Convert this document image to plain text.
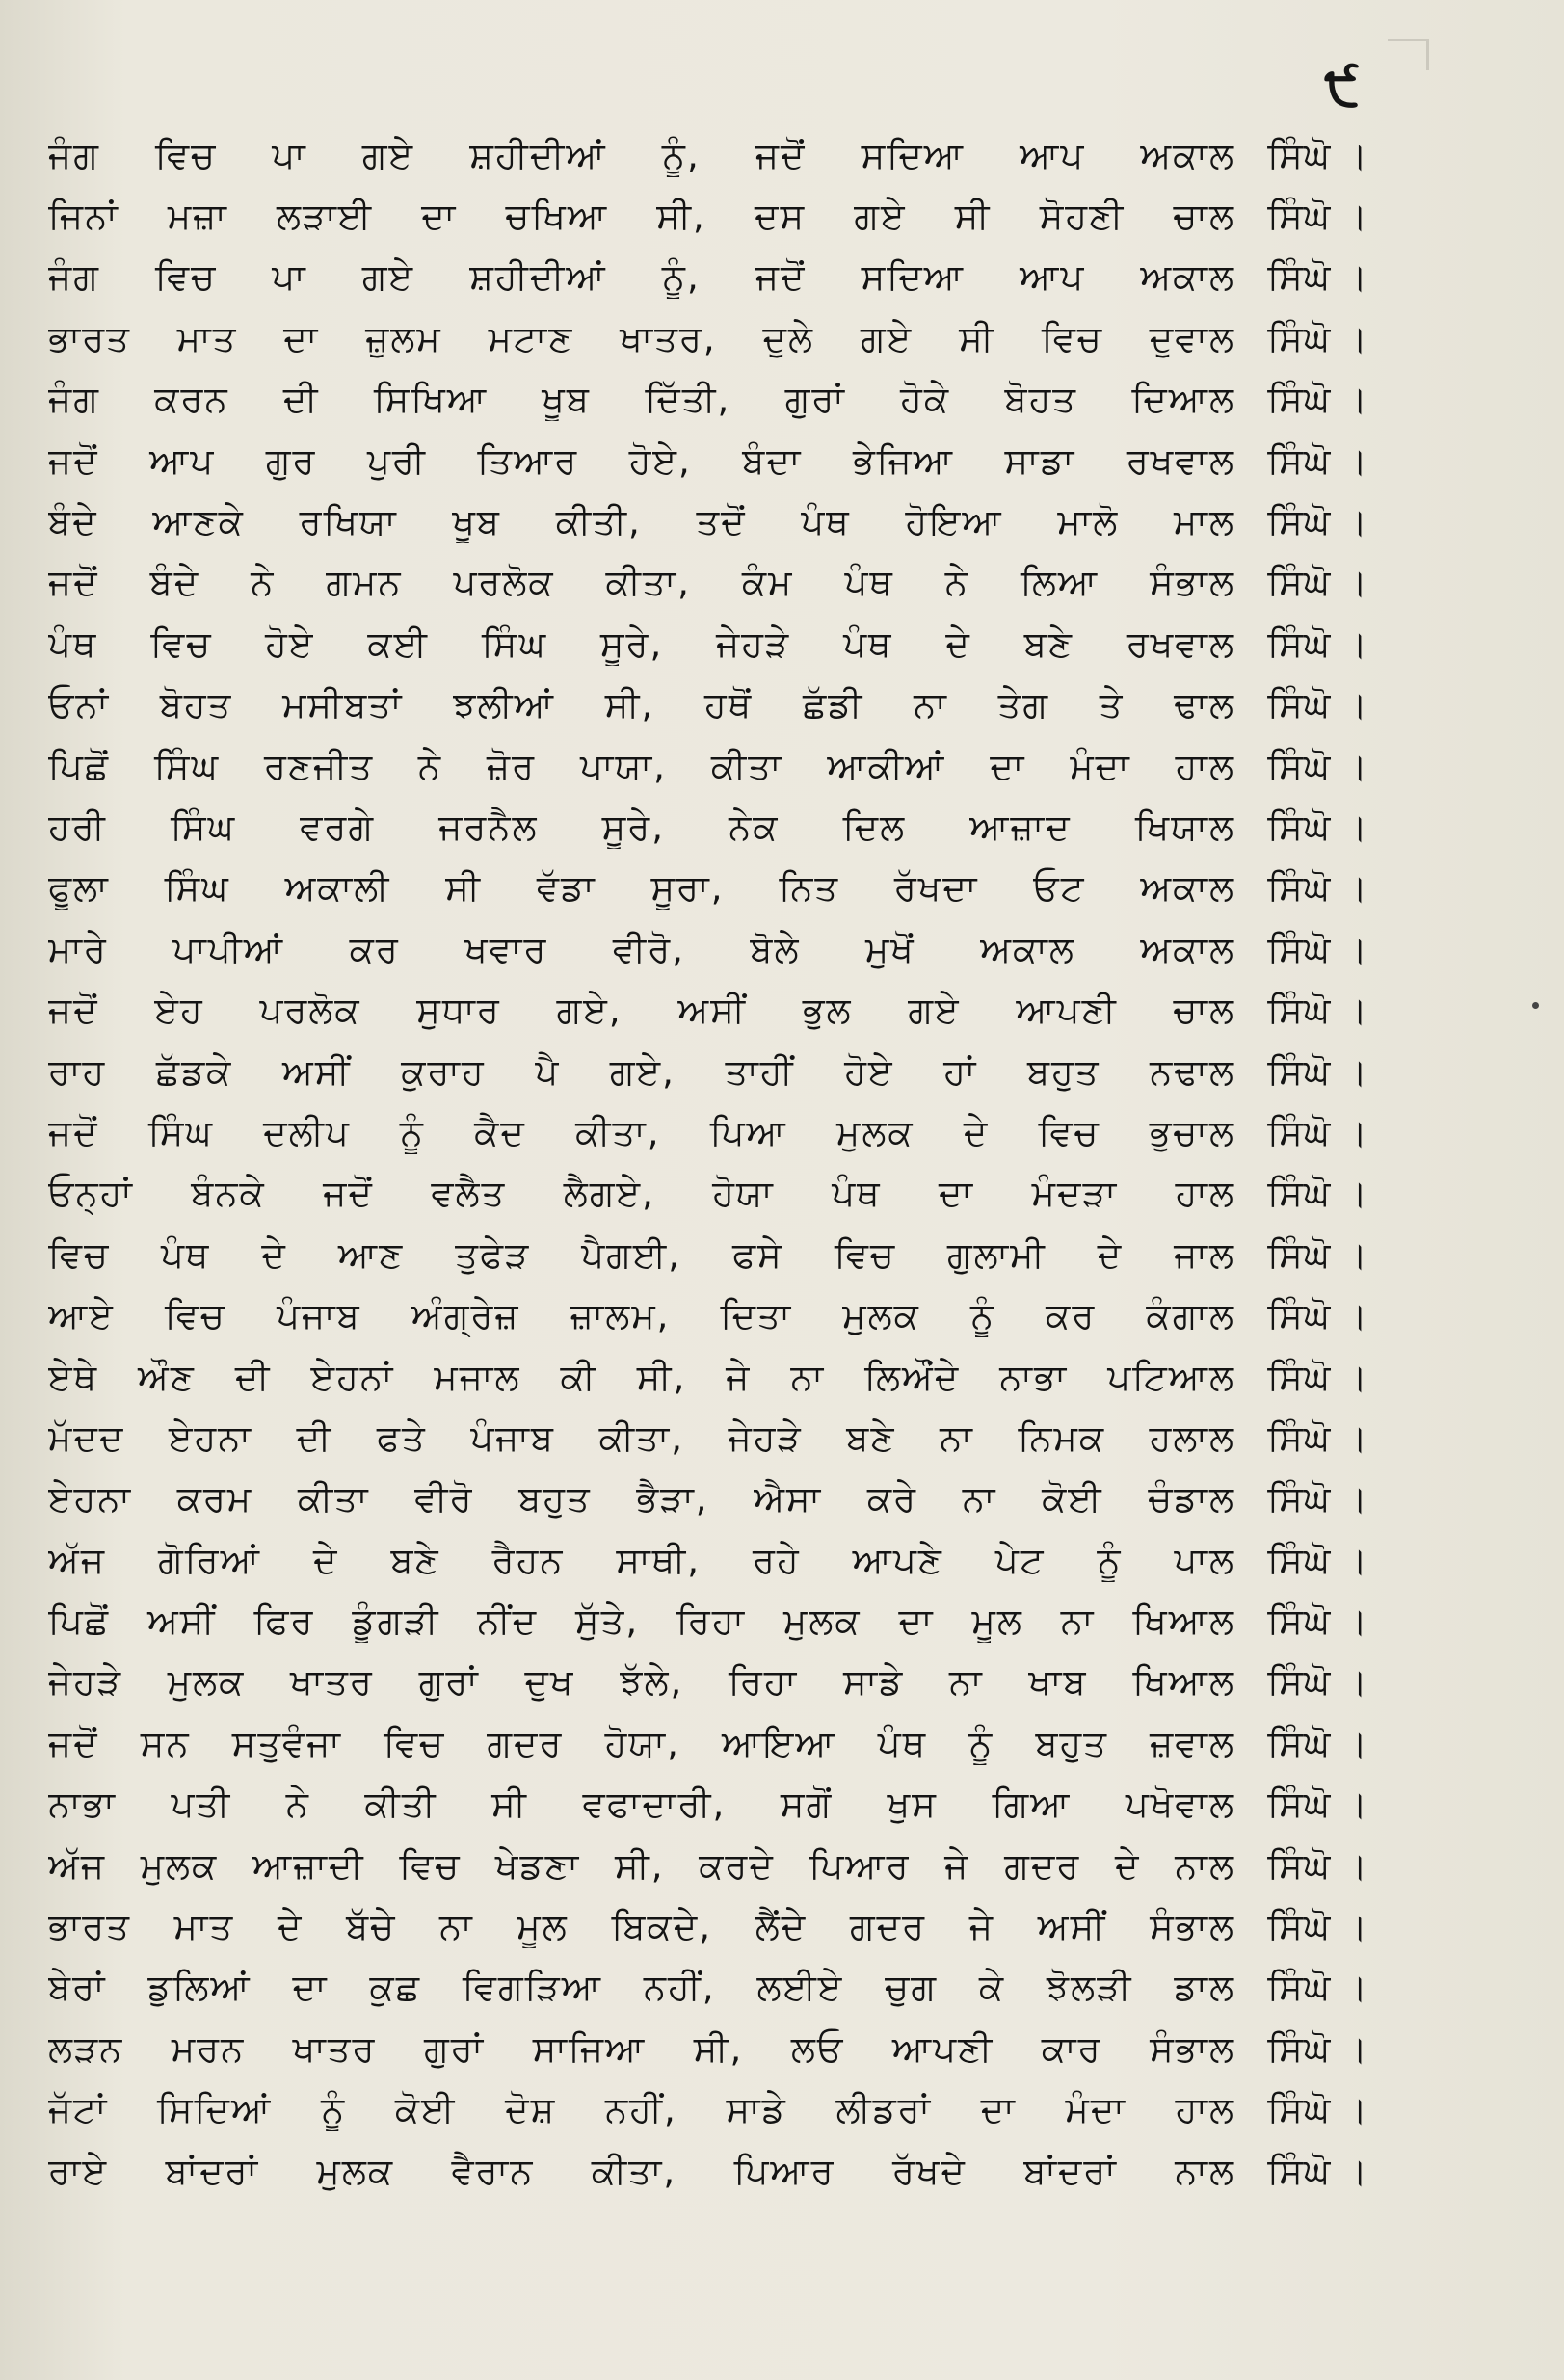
੯
ਜੰਗ ਵਿਚ ਪਾ ਗਏ ਸ਼ਹੀਦੀਆਂ ਨੂੰ, ਜਦੋਂ ਸਦਿਆ ਆਪ ਅਕਾਲ ਸਿੰਘੋ ।
ਜਿਨਾਂ ਮਜ਼ਾ ਲੜਾਈ ਦਾ ਚਖਿਆ ਸੀ, ਦਸ ਗਏ ਸੀ ਸੋਹਣੀ ਚਾਲ ਸਿੰਘੋ ।
ਜੰਗ ਵਿਚ ਪਾ ਗਏ ਸ਼ਹੀਦੀਆਂ ਨੂੰ, ਜਦੋਂ ਸਦਿਆ ਆਪ ਅਕਾਲ ਸਿੰਘੋ ।
ਭਾਰਤ ਮਾਤ ਦਾ ਜ਼ੁਲਮ ਮਟਾਣ ਖਾਤਰ, ਦੁਲੇ ਗਏ ਸੀ ਵਿਚ ਦੁਵਾਲ ਸਿੰਘੋ ।
ਜੰਗ ਕਰਨ ਦੀ ਸਿਖਿਆ ਖੂਬ ਦਿੱਤੀ, ਗੁਰਾਂ ਹੋਕੇ ਬੋਹਤ ਦਿਆਲ ਸਿੰਘੋ ।
ਜਦੋਂ ਆਪ ਗੁਰ ਪੁਰੀ ਤਿਆਰ ਹੋਏ, ਬੰਦਾ ਭੇਜਿਆ ਸਾਡਾ ਰਖਵਾਲ ਸਿੰਘੋ ।
ਬੰਦੇ ਆਣਕੇ ਰਖਿਯਾ ਖੂਬ ਕੀਤੀ, ਤਦੋਂ ਪੰਥ ਹੋਇਆ ਮਾਲੋ ਮਾਲ ਸਿੰਘੋ ।
ਜਦੋਂ ਬੰਦੇ ਨੇ ਗਮਨ ਪਰਲੋਕ ਕੀਤਾ, ਕੰਮ ਪੰਥ ਨੇ ਲਿਆ ਸੰਭਾਲ ਸਿੰਘੋ ।
ਪੰਥ ਵਿਚ ਹੋਏ ਕਈ ਸਿੰਘ ਸੂਰੇ, ਜੇਹੜੇ ਪੰਥ ਦੇ ਬਣੇ ਰਖਵਾਲ ਸਿੰਘੋ ।
ਓਨਾਂ ਬੋਹਤ ਮਸੀਬਤਾਂ ਝਲੀਆਂ ਸੀ, ਹਥੋਂ ਛੱਡੀ ਨਾ ਤੇਗ ਤੇ ਢਾਲ ਸਿੰਘੋ ।
ਪਿਛੋਂ ਸਿੰਘ ਰਣਜੀਤ ਨੇ ਜ਼ੋਰ ਪਾਯਾ, ਕੀਤਾ ਆਕੀਆਂ ਦਾ ਮੰਦਾ ਹਾਲ ਸਿੰਘੋ ।
ਹਰੀ ਸਿੰਘ ਵਰਗੇ ਜਰਨੈਲ ਸੂਰੇ, ਨੇਕ ਦਿਲ ਆਜ਼ਾਦ ਖਿਯਾਲ ਸਿੰਘੋ ।
ਫੂਲਾ ਸਿੰਘ ਅਕਾਲੀ ਸੀ ਵੱਡਾ ਸੂਰਾ, ਨਿਤ ਰੱਖਦਾ ਓਟ ਅਕਾਲ ਸਿੰਘੋ ।
ਮਾਰੇ ਪਾਪੀਆਂ ਕਰ ਖਵਾਰ ਵੀਰੋ, ਬੋਲੇ ਮੁਖੋਂ ਅਕਾਲ ਅਕਾਲ ਸਿੰਘੋ ।
ਜਦੋਂ ਏਹ ਪਰਲੋਕ ਸੁਧਾਰ ਗਏ, ਅਸੀਂ ਭੁਲ ਗਏ ਆਪਣੀ ਚਾਲ ਸਿੰਘੋ ।
ਰਾਹ ਛੱਡਕੇ ਅਸੀਂ ਕੁਰਾਹ ਪੈ ਗਏ, ਤਾਹੀਂ ਹੋਏ ਹਾਂ ਬਹੁਤ ਨਢਾਲ ਸਿੰਘੋ ।
ਜਦੋਂ ਸਿੰਘ ਦਲੀਪ ਨੂੰ ਕੈਦ ਕੀਤਾ, ਪਿਆ ਮੁਲਕ ਦੇ ਵਿਚ ਭੁਚਾਲ ਸਿੰਘੋ ।
ਓਨ੍ਹਾਂ ਬੰਨਕੇ ਜਦੋਂ ਵਲੈਤ ਲੈਗਏ, ਹੋਯਾ ਪੰਥ ਦਾ ਮੰਦੜਾ ਹਾਲ ਸਿੰਘੋ ।
ਵਿਚ ਪੰਥ ਦੇ ਆਣ ਤੁਫੇੜ ਪੈਗਈ, ਫਸੇ ਵਿਚ ਗੁਲਾਮੀ ਦੇ ਜਾਲ ਸਿੰਘੋ ।
ਆਏ ਵਿਚ ਪੰਜਾਬ ਅੰਗ੍ਰੇਜ਼ ਜ਼ਾਲਮ, ਦਿਤਾ ਮੁਲਕ ਨੂੰ ਕਰ ਕੰਗਾਲ ਸਿੰਘੋ ।
ਏਥੇ ਔਣ ਦੀ ਏਹਨਾਂ ਮਜਾਲ ਕੀ ਸੀ, ਜੇ ਨਾ ਲਿਔਂਦੇ ਨਾਭਾ ਪਟਿਆਲ ਸਿੰਘੋ ।
ਮੱਦਦ ਏਹਨਾ ਦੀ ਫਤੇ ਪੰਜਾਬ ਕੀਤਾ, ਜੇਹੜੇ ਬਣੇ ਨਾ ਨਿਮਕ ਹਲਾਲ ਸਿੰਘੋ ।
ਏਹਨਾ ਕਰਮ ਕੀਤਾ ਵੀਰੋ ਬਹੁਤ ਭੈੜਾ, ਐਸਾ ਕਰੇ ਨਾ ਕੋਈ ਚੰਡਾਲ ਸਿੰਘੋ ।
ਅੱਜ ਗੋਰਿਆਂ ਦੇ ਬਣੇ ਰੈਹਨ ਸਾਥੀ, ਰਹੇ ਆਪਣੇ ਪੇਟ ਨੂੰ ਪਾਲ ਸਿੰਘੋ ।
ਪਿਛੋਂ ਅਸੀਂ ਫਿਰ ਡੂੰਗੜੀ ਨੀਂਦ ਸੁੱਤੇ, ਰਿਹਾ ਮੁਲਕ ਦਾ ਮੂਲ ਨਾ ਖਿਆਲ ਸਿੰਘੋ ।
ਜੇਹੜੇ ਮੁਲਕ ਖਾਤਰ ਗੁਰਾਂ ਦੁਖ ਝੱਲੇ, ਰਿਹਾ ਸਾਡੇ ਨਾ ਖਾਬ ਖਿਆਲ ਸਿੰਘੋ ।
ਜਦੋਂ ਸਨ ਸਤੁਵੰਜਾ ਵਿਚ ਗਦਰ ਹੋਯਾ, ਆਇਆ ਪੰਥ ਨੂੰ ਬਹੁਤ ਜ਼ਵਾਲ ਸਿੰਘੋ ।
ਨਾਭਾ ਪਤੀ ਨੇ ਕੀਤੀ ਸੀ ਵਫਾਦਾਰੀ, ਸਗੋਂ ਖੁਸ ਗਿਆ ਪਖੋਵਾਲ ਸਿੰਘੋ ।
ਅੱਜ ਮੁਲਕ ਆਜ਼ਾਦੀ ਵਿਚ ਖੇਡਣਾ ਸੀ, ਕਰਦੇ ਪਿਆਰ ਜੇ ਗਦਰ ਦੇ ਨਾਲ ਸਿੰਘੋ ।
ਭਾਰਤ ਮਾਤ ਦੇ ਬੱਚੇ ਨਾ ਮੂਲ ਬਿਕਦੇ, ਲੈਂਦੇ ਗਦਰ ਜੇ ਅਸੀਂ ਸੰਭਾਲ ਸਿੰਘੋ ।
ਬੇਰਾਂ ਡੁਲਿਆਂ ਦਾ ਕੁਛ ਵਿਗੜਿਆ ਨਹੀਂ, ਲਈਏ ਚੁਗ ਕੇ ਝੋਲੜੀ ਡਾਲ ਸਿੰਘੋ ।
ਲੜਨ ਮਰਨ ਖਾਤਰ ਗੁਰਾਂ ਸਾਜਿਆ ਸੀ, ਲਓ ਆਪਣੀ ਕਾਰ ਸੰਭਾਲ ਸਿੰਘੋ ।
ਜੱਟਾਂ ਸਿਦਿਆਂ ਨੂੰ ਕੋਈ ਦੋਸ਼ ਨਹੀਂ, ਸਾਡੇ ਲੀਡਰਾਂ ਦਾ ਮੰਦਾ ਹਾਲ ਸਿੰਘੋ ।
ਰਾਏ ਬਾਂਦਰਾਂ ਮੁਲਕ ਵੈਰਾਨ ਕੀਤਾ, ਪਿਆਰ ਰੱਖਦੇ ਬਾਂਦਰਾਂ ਨਾਲ ਸਿੰਘੋ ।
